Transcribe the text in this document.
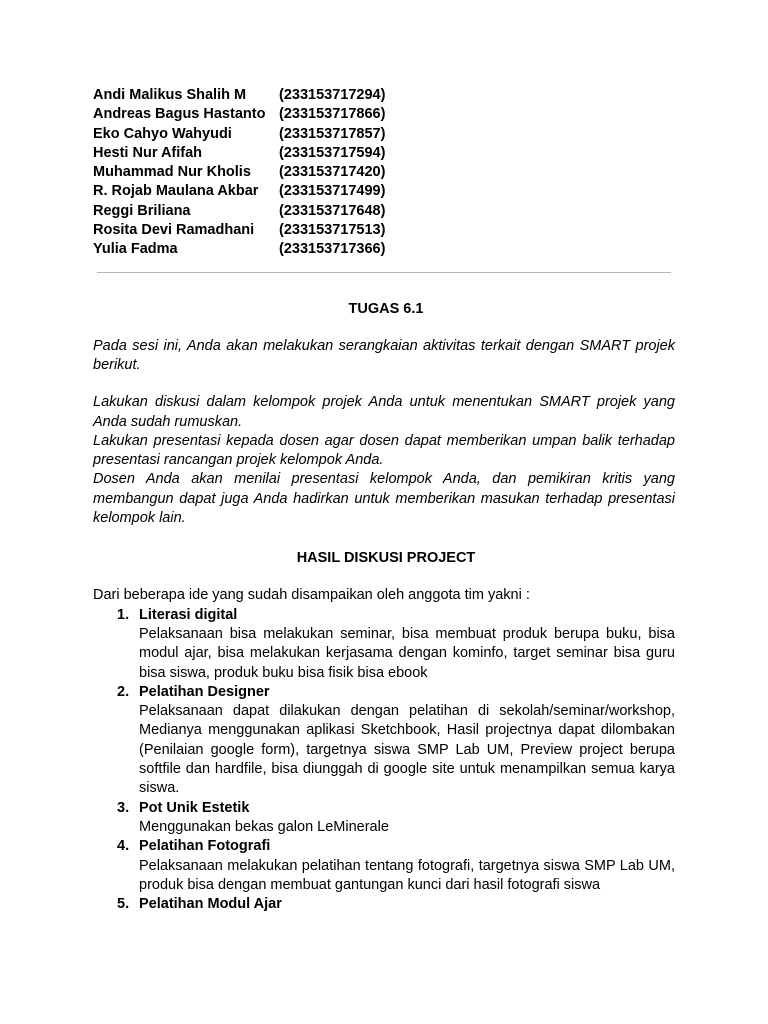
Andi Malikus Shalih M	(233153717294)
Andreas Bagus Hastanto (233153717866)
Eko Cahyo Wahyudi	(233153717857)
Hesti Nur Afifah	(233153717594)
Muhammad Nur Kholis	(233153717420)
R. Rojab Maulana Akbar	(233153717499)
Reggi Briliana	(233153717648)
Rosita Devi Ramadhani	(233153717513)
Yulia Fadma	(233153717366)
TUGAS 6.1

Pada sesi ini, Anda akan melakukan serangkaian aktivitas terkait dengan SMART projek berikut.

Lakukan diskusi dalam kelompok projek Anda untuk menentukan SMART projek yang Anda sudah rumuskan.

Lakukan presentasi kepada dosen agar dosen dapat memberikan umpan balik terhadap presentasi rancangan projek kelompok Anda.

Dosen Anda akan menilai presentasi kelompok Anda, dan pemikiran kritis yang membangun dapat juga Anda hadirkan untuk memberikan masukan terhadap presentasi kelompok lain.

HASIL DISKUSI PROJECT

Dari beberapa ide yang sudah disampaikan oleh anggota tim yakni :

1. Literasi digital
Pelaksanaan bisa melakukan seminar, bisa membuat produk berupa buku, bisa modul ajar, bisa melakukan kerjasama dengan kominfo, target seminar bisa guru bisa siswa, produk buku bisa fisik bisa ebook
2. Pelatihan Designer
Pelaksanaan dapat dilakukan dengan pelatihan di sekolah/seminar/workshop, Medianya menggunakan aplikasi Sketchbook, Hasil projectnya dapat dilombakan (Penilaian google form), targetnya siswa SMP Lab UM, Preview project berupa softfile dan hardfile, bisa diunggah di google site untuk menampilkan semua karya siswa.
3. Pot Unik Estetik
Menggunakan bekas galon LeMinerale
4. Pelatihan Fotografi
Pelaksanaan melakukan pelatihan tentang fotografi, targetnya siswa SMP Lab UM, produk bisa dengan membuat gantungan kunci dari hasil fotografi siswa
5. Pelatihan Modul Ajar
